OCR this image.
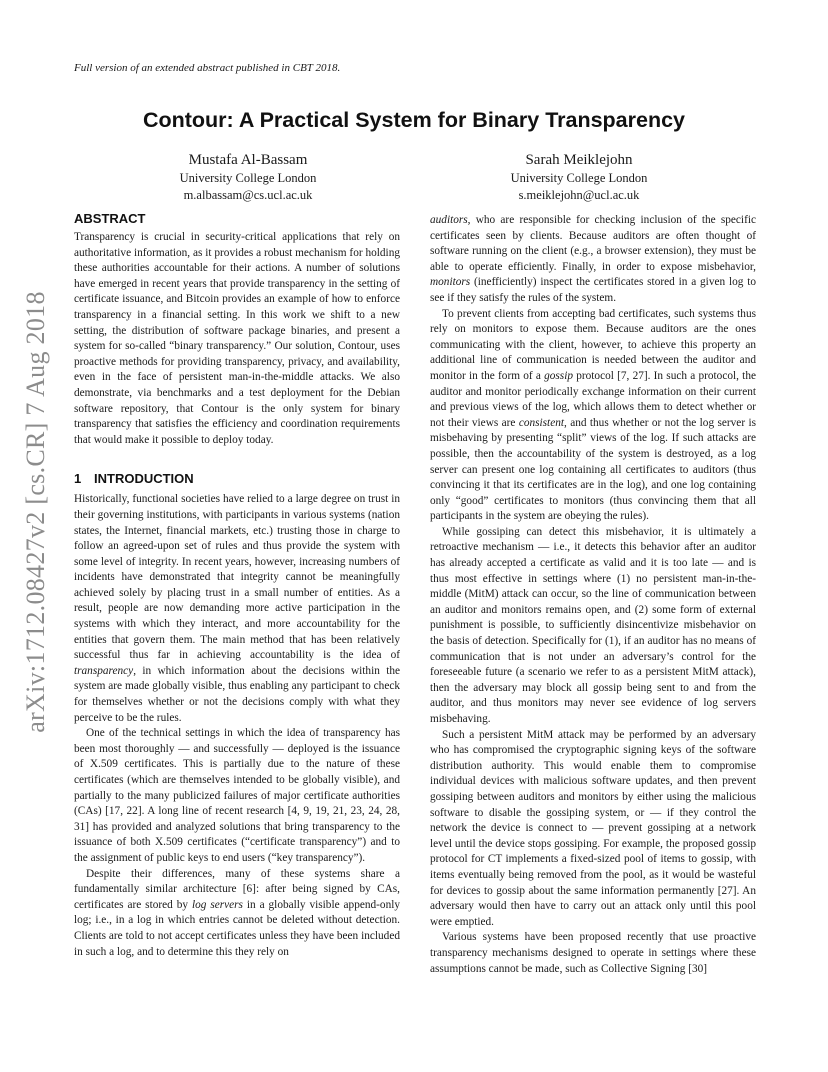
Full version of an extended abstract published in CBT 2018.
arXiv:1712.08427v2 [cs.CR] 7 Aug 2018
Contour: A Practical System for Binary Transparency
Mustafa Al-Bassam
University College London
m.albassam@cs.ucl.ac.uk
Sarah Meiklejohn
University College London
s.meiklejohn@ucl.ac.uk
ABSTRACT

Transparency is crucial in security-critical applications that rely on authoritative information, as it provides a robust mechanism for holding these authorities accountable for their actions. A number of solutions have emerged in recent years that provide transparency in the setting of certificate issuance, and Bitcoin provides an example of how to enforce transparency in a financial setting. In this work we shift to a new setting, the distribution of software package binaries, and present a system for so-called “binary transparency.” Our solution, Contour, uses proactive methods for providing transparency, privacy, and availability, even in the face of persistent man-in-the-middle attacks. We also demonstrate, via benchmarks and a test deployment for the Debian software repository, that Contour is the only system for binary transparency that satisfies the efficiency and coordination requirements that would make it possible to deploy today.

1 INTRODUCTION

Historically, functional societies have relied to a large degree on trust in their governing institutions, with participants in various systems (nation states, the Internet, financial markets, etc.) trusting those in charge to follow an agreed-upon set of rules and thus provide the system with some level of integrity. In recent years, however, increasing numbers of incidents have demonstrated that integrity cannot be meaningfully achieved solely by placing trust in a small number of entities. As a result, people are now demanding more active participation in the systems with which they interact, and more accountability for the entities that govern them. The main method that has been relatively successful thus far in achieving accountability is the idea of transparency, in which information about the decisions within the system are made globally visible, thus enabling any participant to check for themselves whether or not the decisions comply with what they perceive to be the rules.

One of the technical settings in which the idea of transparency has been most thoroughly — and successfully — deployed is the issuance of X.509 certificates. This is partially due to the nature of these certificates (which are themselves intended to be globally visible), and partially to the many publicized failures of major certificate authorities (CAs) [17, 22]. A long line of recent research [4, 9, 19, 21, 23, 24, 28, 31] has provided and analyzed solutions that bring transparency to the issuance of both X.509 certificates (“certificate transparency”) and to the assignment of public keys to end users (“key transparency”).

Despite their differences, many of these systems share a fundamentally similar architecture [6]: after being signed by CAs, certificates are stored by log servers in a globally visible append-only log; i.e., in a log in which entries cannot be deleted without detection. Clients are told to not accept certificates unless they have been included in such a log, and to determine this they rely on

auditors, who are responsible for checking inclusion of the specific certificates seen by clients. Because auditors are often thought of software running on the client (e.g., a browser extension), they must be able to operate efficiently. Finally, in order to expose misbehavior, monitors (inefficiently) inspect the certificates stored in a given log to see if they satisfy the rules of the system.

To prevent clients from accepting bad certificates, such systems thus rely on monitors to expose them. Because auditors are the ones communicating with the client, however, to achieve this property an additional line of communication is needed between the auditor and monitor in the form of a gossip protocol [7, 27]. In such a protocol, the auditor and monitor periodically exchange information on their current and previous views of the log, which allows them to detect whether or not their views are consistent, and thus whether or not the log server is misbehaving by presenting “split” views of the log. If such attacks are possible, then the accountability of the system is destroyed, as a log server can present one log containing all certificates to auditors (thus convincing it that its certificates are in the log), and one log containing only “good” certificates to monitors (thus convincing them that all participants in the system are obeying the rules).

While gossiping can detect this misbehavior, it is ultimately a retroactive mechanism — i.e., it detects this behavior after an auditor has already accepted a certificate as valid and it is too late — and is thus most effective in settings where (1) no persistent man-in-the-middle (MitM) attack can occur, so the line of communication between an auditor and monitors remains open, and (2) some form of external punishment is possible, to sufficiently disincentivize misbehavior on the basis of detection. Specifically for (1), if an auditor has no means of communication that is not under an adversary’s control for the foreseeable future (a scenario we refer to as a persistent MitM attack), then the adversary may block all gossip being sent to and from the auditor, and thus monitors may never see evidence of log servers misbehaving.

Such a persistent MitM attack may be performed by an adversary who has compromised the cryptographic signing keys of the software distribution authority. This would enable them to compromise individual devices with malicious software updates, and then prevent gossiping between auditors and monitors by either using the malicious software to disable the gossiping system, or — if they control the network the device is connect to — prevent gossiping at a network level until the device stops gossiping. For example, the proposed gossip protocol for CT implements a fixed-sized pool of items to gossip, with items eventually being removed from the pool, as it would be wasteful for devices to gossip about the same information permanently [27]. An adversary would then have to carry out an attack only until this pool were emptied.

Various systems have been proposed recently that use proactive transparency mechanisms designed to operate in settings where these assumptions cannot be made, such as Collective Signing [30]
